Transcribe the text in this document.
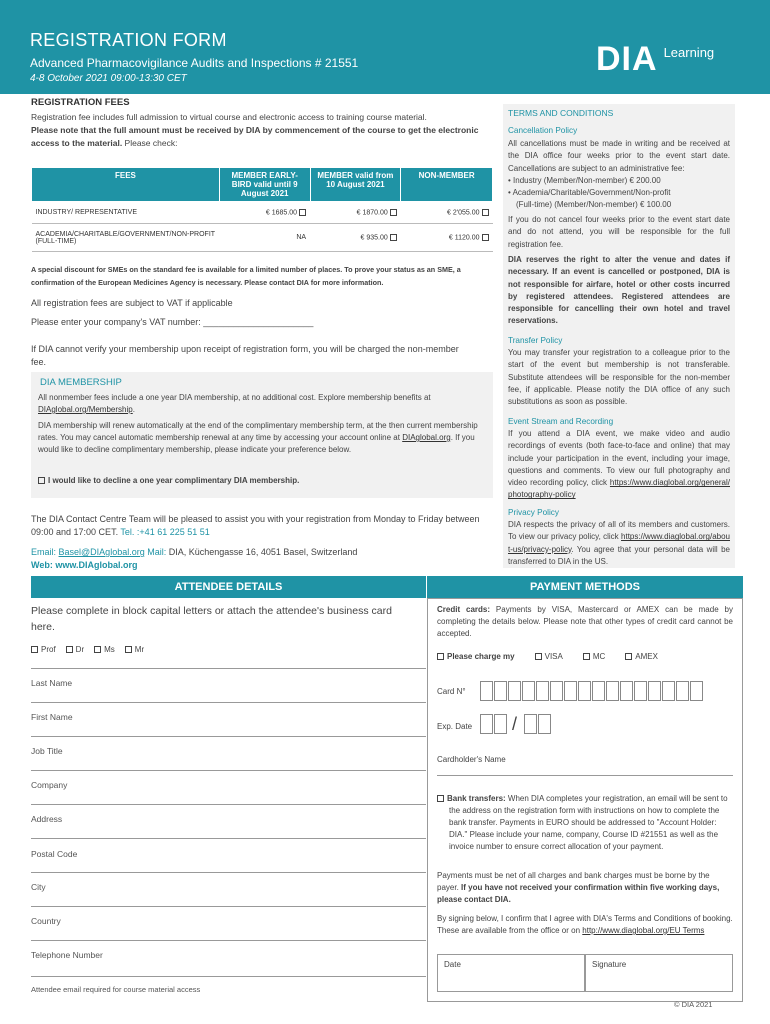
REGISTRATION FORM
Advanced Pharmacovigilance Audits and Inspections # 21551
4-8 October 2021 09:00-13:30 CET
DIA Learning
REGISTRATION FEES
Registration fee includes full admission to virtual course and electronic access to training course material.
Please note that the full amount must be received by DIA by commencement of the course to get the electronic access to the material. Please check:
FEES	MEMBER EARLY-BIRD valid until 9 August 2021	MEMBER valid from 10 August 2021	NON-MEMBER
INDUSTRY/ REPRESENTATIVE	€ 1685.00	€ 1870.00	€ 2'055.00
ACADEMIA/CHARITABLE/GOVERNMENT/NON-PROFIT (FULL-TIME)	NA	€ 935.00	€ 1120.00
A special discount for SMEs on the standard fee is available for a limited number of places. To prove your status as an SME, a confirmation of the European Medicines Agency is necessary. Please contact DIA for more information.
All registration fees are subject to VAT if applicable
Please enter your company's VAT number: ______________________
If DIA cannot verify your membership upon receipt of registration form, you will be charged the non-member fee.
DIA MEMBERSHIP
All nonmember fees include a one year DIA membership, at no additional cost. Explore membership benefits at DIAglobal.org/Membership.
DIA membership will renew automatically at the end of the complimentary membership term, at the then current membership rates. You may cancel automatic membership renewal at any time by accessing your account online at DIAglobal.org. If you would like to decline complimentary membership, please indicate your preference below.
I would like to decline a one year complimentary DIA membership.
The DIA Contact Centre Team will be pleased to assist you with your registration from Monday to Friday between 09:00 and 17:00 CET. Tel. :+41 61 225 51 51
Email: Basel@DIAglobal.org Mail: DIA, Küchengasse 16, 4051 Basel, Switzerland
Web: www.DIAglobal.org
TERMS AND CONDITIONS
Cancellation Policy
All cancellations must be made in writing and be received at the DIA office four weeks prior to the event start date. Cancellations are subject to an administrative fee:
• Industry (Member/Non-member) € 200.00
• Academia/Charitable/Government/Non-profit
(Full-time) (Member/Non-member) € 100.00
If you do not cancel four weeks prior to the event start date and do not attend, you will be responsible for the full registration fee.
DIA reserves the right to alter the venue and dates if necessary. If an event is cancelled or postponed, DIA is not responsible for airfare, hotel or other costs incurred by registered attendees. Registered attendees are responsible for cancelling their own hotel and travel reservations.
Transfer Policy
You may transfer your registration to a colleague prior to the start of the event but membership is not transferable. Substitute attendees will be responsible for the non-member fee, if applicable. Please notify the DIA office of any such substitutions as soon as possible.
Event Stream and Recording
If you attend a DIA event, we make video and audio recordings of events (both face-to-face and online) that may include your participation in the event, including your image, questions and comments. To view our full photography and video recording policy, click https://www.diaglobal.org/general/photography-policy
Privacy Policy
DIA respects the privacy of all of its members and customers. To view our privacy policy, click https://www.diaglobal.org/about-us/privacy-policy. You agree that your personal data will be transferred to DIA in the US.
ATTENDEE DETAILS	PAYMENT METHODS
Please complete in block capital letters or attach the attendee's business card here.
Prof	Dr	Ms	Mr
Last Name
First Name
Job Title
Company
Address
Postal Code
City
Country
Telephone Number
Attendee email required for course material access
Credit cards: Payments by VISA, Mastercard or AMEX can be made by completing the details below. Please note that other types of credit card cannot be accepted.
Please charge my	VISA	MC	AMEX
Card N°
Exp. Date	/
Cardholder's Name
Bank transfers: When DIA completes your registration, an email will be sent to the address on the registration form with instructions on how to complete the bank transfer. Payments in EURO should be addressed to "Account Holder: DIA." Please include your name, company, Course ID #21551 as well as the invoice number to ensure correct allocation of your payment.
Payments must be net of all charges and bank charges must be borne by the payer. If you have not received your confirmation within five working days, please contact DIA.
By signing below, I confirm that I agree with DIA's Terms and Conditions of booking. These are available from the office or on http://www.diaglobal.org/EU Terms
Date	Signature
© DIA 2021
